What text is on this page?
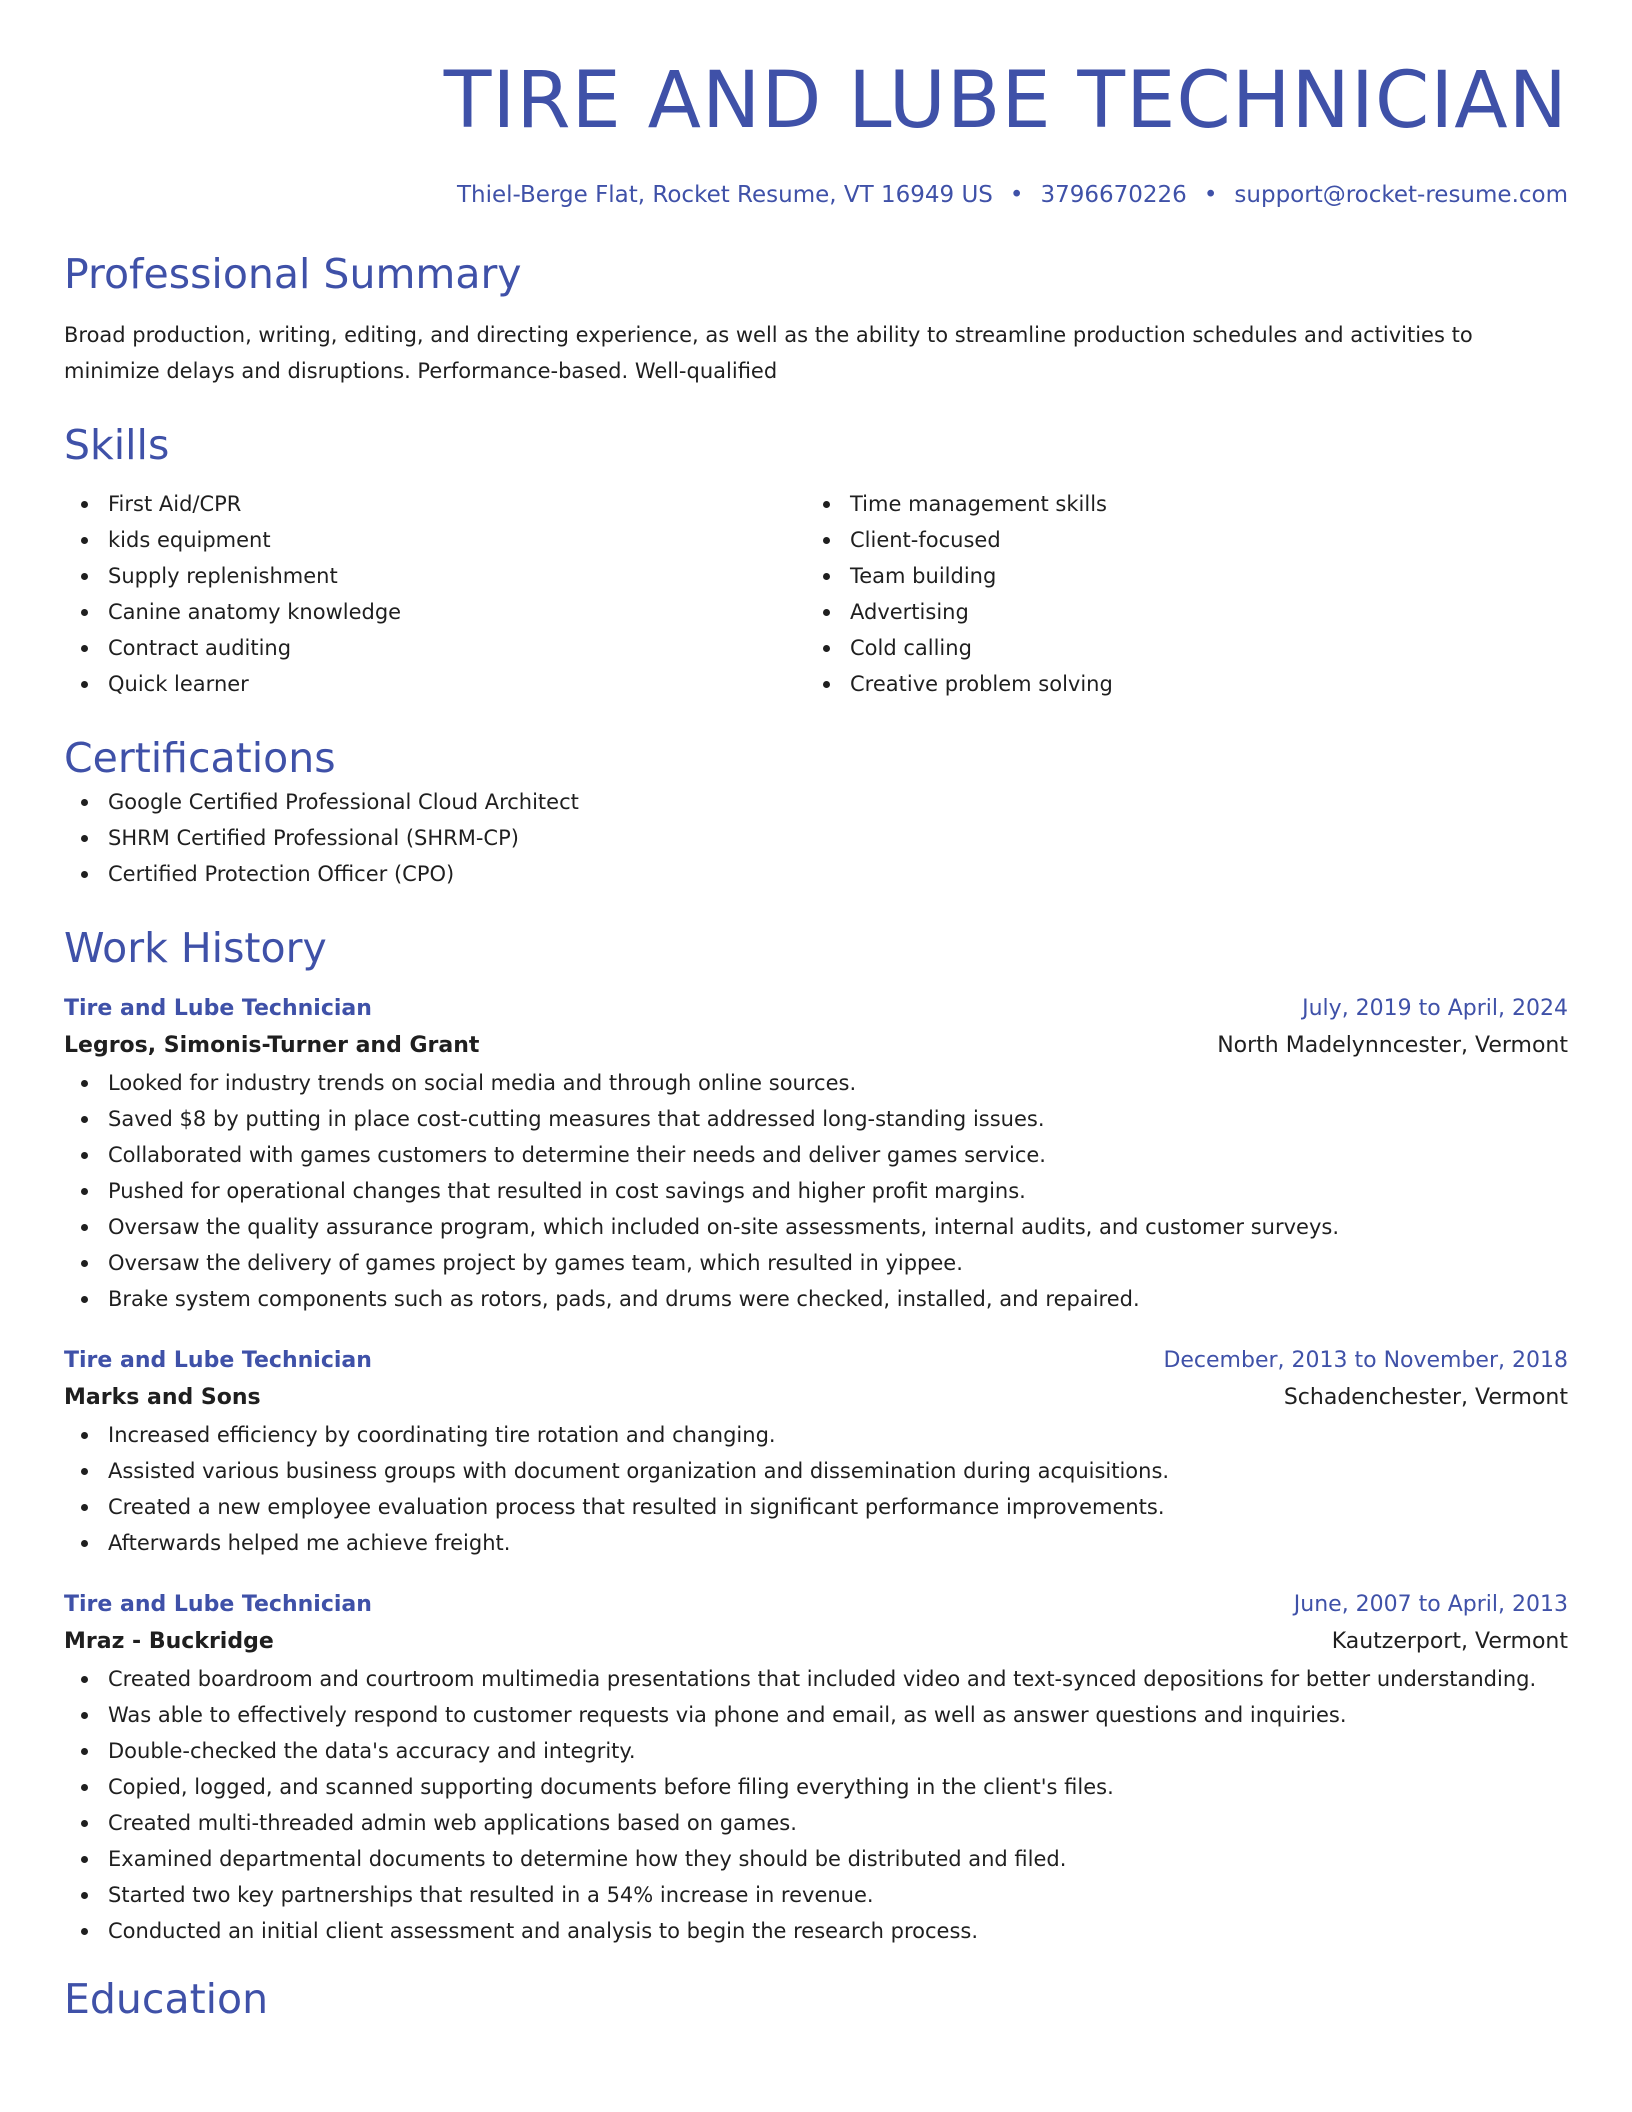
TIRE AND LUBE TECHNICIAN
Thiel-Berge Flat, Rocket Resume, VT 16949 US • 3796670226 • support@rocket-resume.com
Professional Summary
Broad production, writing, editing, and directing experience, as well as the ability to streamline production schedules and activities to minimize delays and disruptions. Performance-based. Well-qualified
Skills
First Aid/CPR
kids equipment
Supply replenishment
Canine anatomy knowledge
Contract auditing
Quick learner
Time management skills
Client-focused
Team building
Advertising
Cold calling
Creative problem solving
Certifications
Google Certified Professional Cloud Architect
SHRM Certified Professional (SHRM-CP)
Certified Protection Officer (CPO)
Work History
Tire and Lube Technician	July, 2019 to April, 2024
Legros, Simonis-Turner and Grant	North Madelynncester, Vermont
Looked for industry trends on social media and through online sources.
Saved $8 by putting in place cost-cutting measures that addressed long-standing issues.
Collaborated with games customers to determine their needs and deliver games service.
Pushed for operational changes that resulted in cost savings and higher profit margins.
Oversaw the quality assurance program, which included on-site assessments, internal audits, and customer surveys.
Oversaw the delivery of games project by games team, which resulted in yippee.
Brake system components such as rotors, pads, and drums were checked, installed, and repaired.
Tire and Lube Technician	December, 2013 to November, 2018
Marks and Sons	Schadenchester, Vermont
Increased efficiency by coordinating tire rotation and changing.
Assisted various business groups with document organization and dissemination during acquisitions.
Created a new employee evaluation process that resulted in significant performance improvements.
Afterwards helped me achieve freight.
Tire and Lube Technician	June, 2007 to April, 2013
Mraz - Buckridge	Kautzerport, Vermont
Created boardroom and courtroom multimedia presentations that included video and text-synced depositions for better understanding.
Was able to effectively respond to customer requests via phone and email, as well as answer questions and inquiries.
Double-checked the data's accuracy and integrity.
Copied, logged, and scanned supporting documents before filing everything in the client's files.
Created multi-threaded admin web applications based on games.
Examined departmental documents to determine how they should be distributed and filed.
Started two key partnerships that resulted in a 54% increase in revenue.
Conducted an initial client assessment and analysis to begin the research process.
Education
